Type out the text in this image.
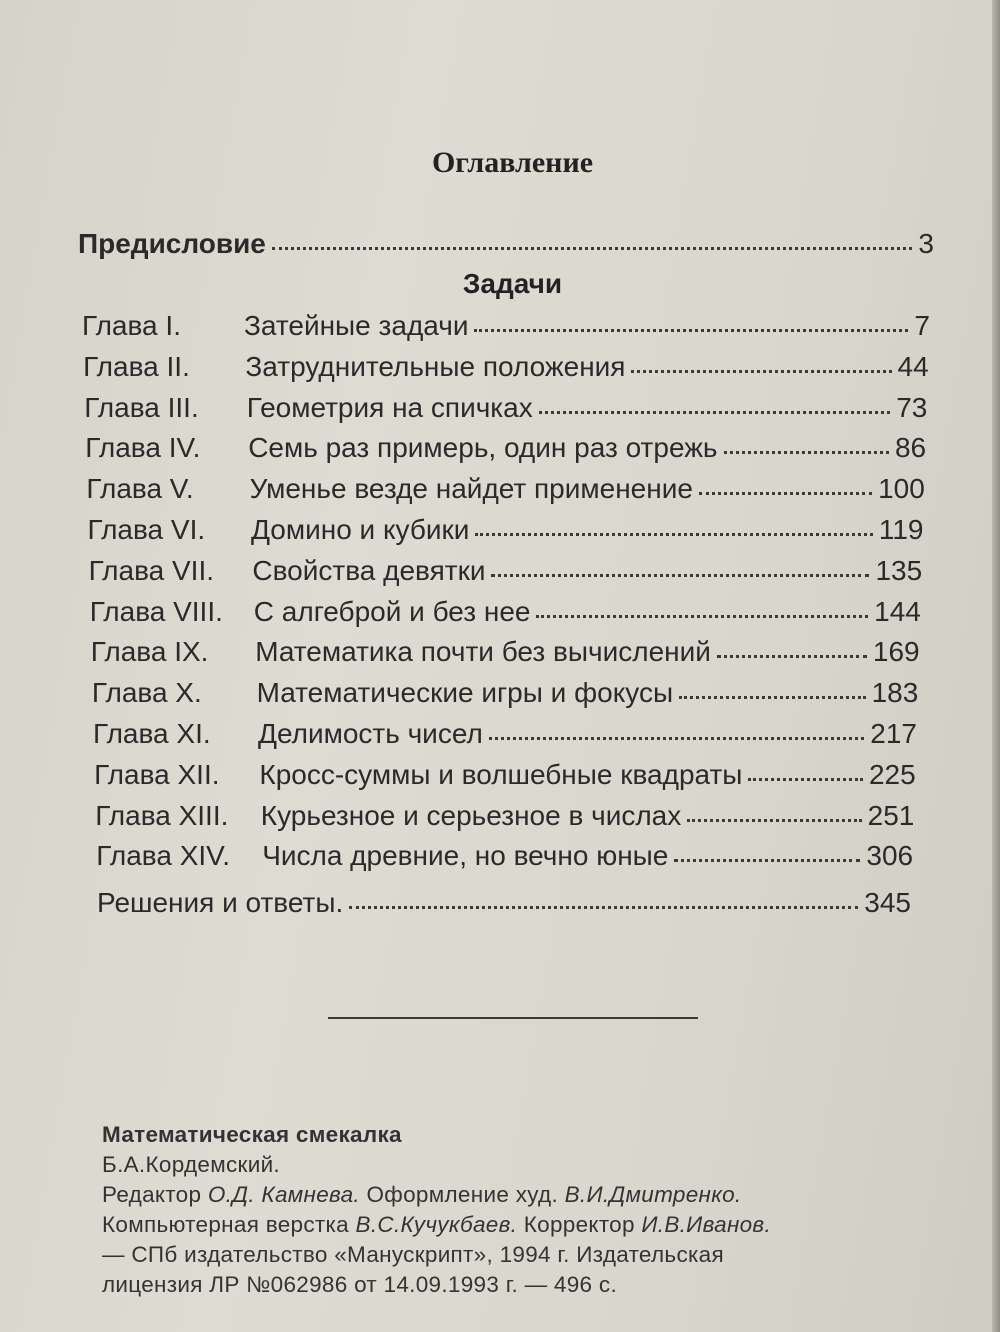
Оглавление
Предисловие	3
Задачи
Глава I.	Затейные задачи	7
Глава II.	Затруднительные положения	44
Глава III.	Геометрия на спичках	73
Глава IV.	Семь раз примерь, один раз отрежь	86
Глава V.	Уменье везде найдет применение	100
Глава VI.	Домино и кубики	119
Глава VII.	Свойства девятки	135
Глава VIII.	С алгеброй и без нее	144
Глава IX.	Математика почти без вычислений	169
Глава X.	Математические игры и фокусы	183
Глава XI.	Делимость чисел	217
Глава XII.	Кросс-суммы и волшебные квадраты	225
Глава XIII.	Курьезное и серьезное в числах	251
Глава XIV.	Числа древние, но вечно юные	306
Решения и ответы.	345
Математическая смекалка
Б.А.Кордемский.
Редактор О.Д. Камнева. Оформление худ. В.И.Дмитренко.
Компьютерная верстка В.С.Кучукбаев. Корректор И.В.Иванов.
— СПб издательство «Манускрипт», 1994 г. Издательская
лицензия ЛР №062986 от 14.09.1993 г. — 496 с.
